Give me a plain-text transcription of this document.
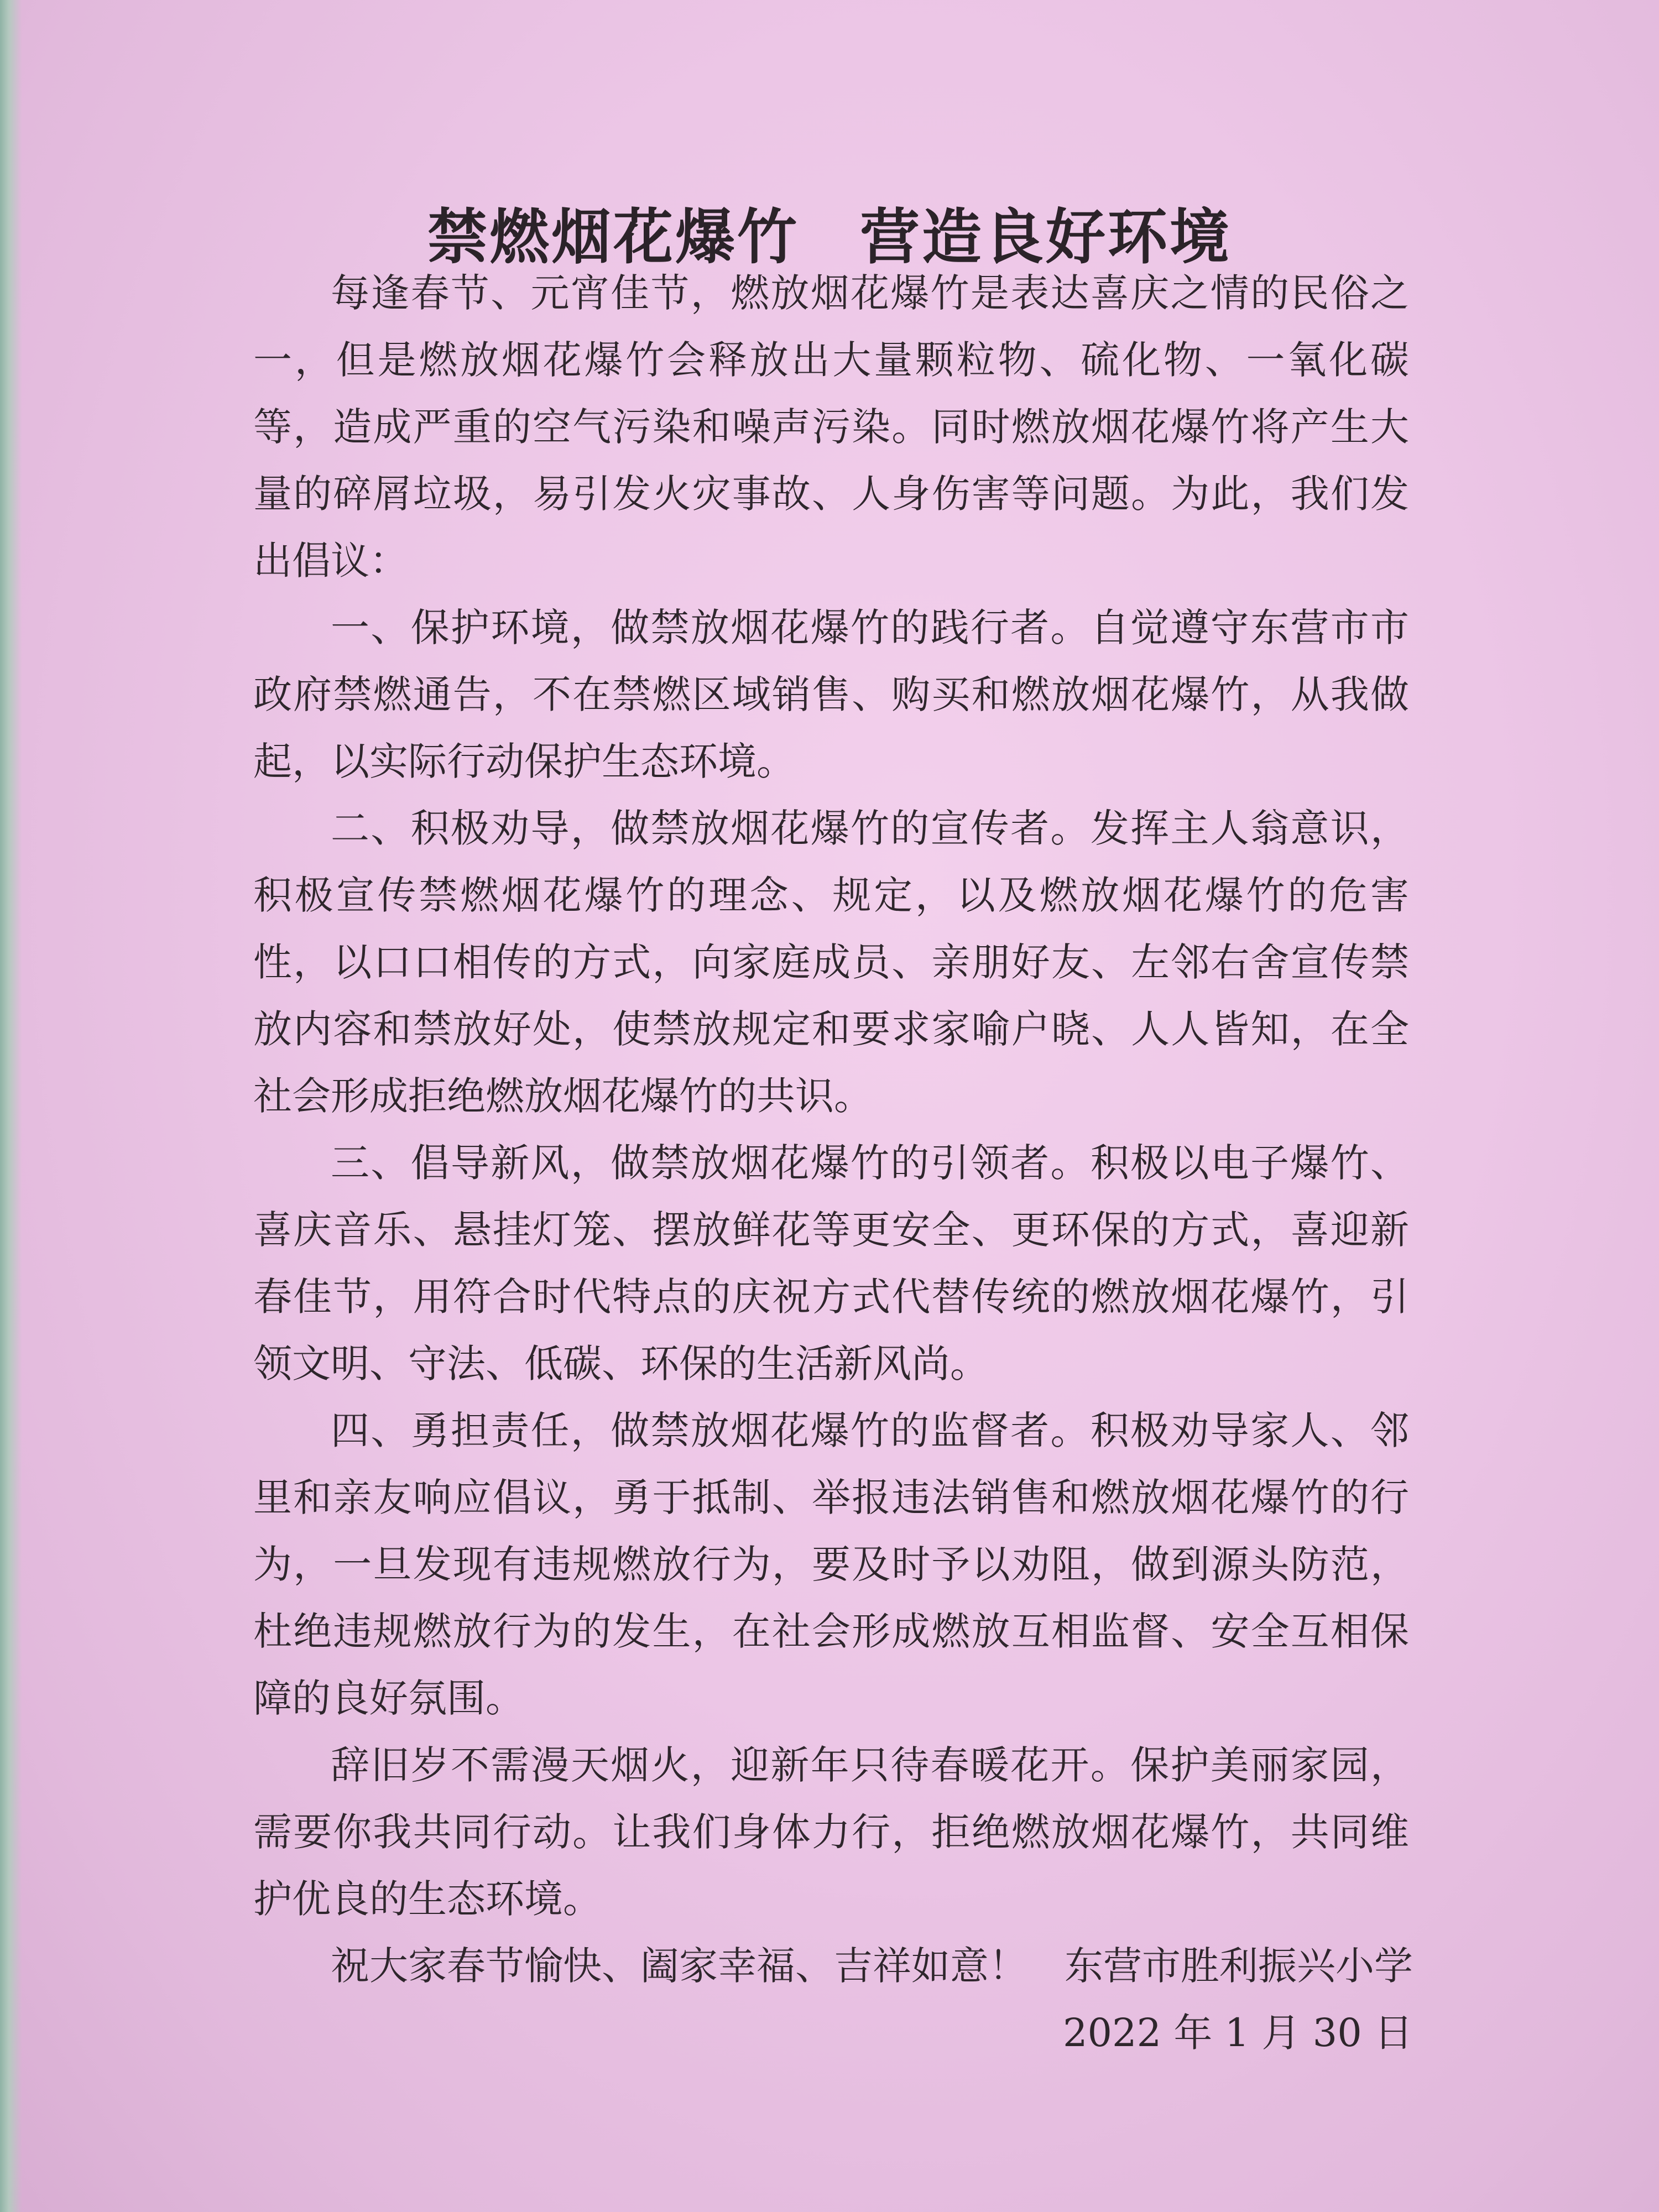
禁燃烟花爆竹 营造良好环境

每逢春节、元宵佳节，燃放烟花爆竹是表达喜庆之情的民俗之一，但是燃放烟花爆竹会释放出大量颗粒物、硫化物、一氧化碳等，造成严重的空气污染和噪声污染。同时燃放烟花爆竹将产生大量的碎屑垃圾，易引发火灾事故、人身伤害等问题。为此，我们发出倡议：

一、保护环境，做禁放烟花爆竹的践行者。自觉遵守东营市市政府禁燃通告，不在禁燃区域销售、购买和燃放烟花爆竹，从我做起，以实际行动保护生态环境。

二、积极劝导，做禁放烟花爆竹的宣传者。发挥主人翁意识，积极宣传禁燃烟花爆竹的理念、规定，以及燃放烟花爆竹的危害性，以口口相传的方式，向家庭成员、亲朋好友、左邻右舍宣传禁放内容和禁放好处，使禁放规定和要求家喻户晓、人人皆知，在全社会形成拒绝燃放烟花爆竹的共识。

三、倡导新风，做禁放烟花爆竹的引领者。积极以电子爆竹、喜庆音乐、悬挂灯笼、摆放鲜花等更安全、更环保的方式，喜迎新春佳节，用符合时代特点的庆祝方式代替传统的燃放烟花爆竹，引领文明、守法、低碳、环保的生活新风尚。

四、勇担责任，做禁放烟花爆竹的监督者。积极劝导家人、邻里和亲友响应倡议，勇于抵制、举报违法销售和燃放烟花爆竹的行为，一旦发现有违规燃放行为，要及时予以劝阻，做到源头防范，杜绝违规燃放行为的发生，在社会形成燃放互相监督、安全互相保障的良好氛围。

辞旧岁不需漫天烟火，迎新年只待春暖花开。保护美丽家园，需要你我共同行动。让我们身体力行，拒绝燃放烟花爆竹，共同维护优良的生态环境。

祝大家春节愉快、阖家幸福、吉祥如意！ 东营市胜利振兴小学
2022 年 1 月 30 日
